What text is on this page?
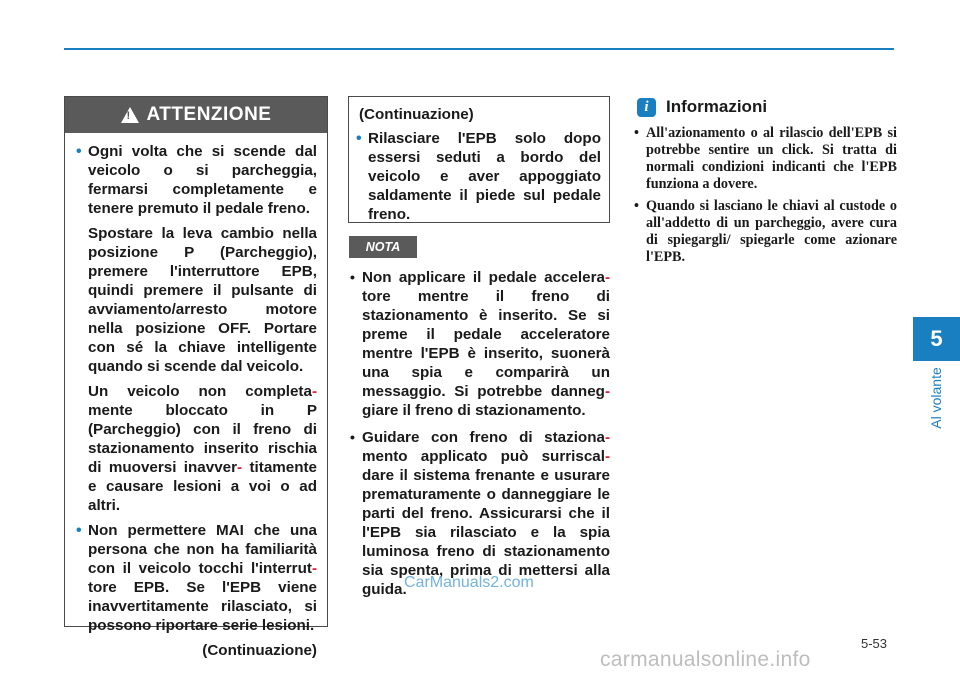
!
ATTENZIONE
• Ogni volta che si scende dal veicolo o si parcheggia, fermarsi completamente e tenere premuto il pedale freno.
Spostare la leva cambio nella posizione P (Parcheggio), premere l'interruttore EPB, quindi premere il pulsante di avviamento/arresto motore nella posizione OFF. Portare con sé la chiave intelligente quando si scende dal veicolo.
Un veicolo non completa- mente bloccato in P (Parcheggio) con il freno di stazionamento inserito rischia di muoversi inavver- titamente e causare lesioni a voi o ad altri.
• Non permettere MAI che una persona che non ha familiarità con il veicolo tocchi l'interrut- tore EPB. Se l'EPB viene inavvertitamente rilasciato, si possono riportare serie lesioni.
(Continuazione)
(Continuazione)
• Rilasciare l'EPB solo dopo essersi seduti a bordo del veicolo e aver appoggiato saldamente il piede sul pedale freno.
NOTA
• Non applicare il pedale accelera- tore mentre il freno di stazionamento è inserito. Se si preme il pedale acceleratore mentre l'EPB è inserito, suonerà una spia e comparirà un messaggio. Si potrebbe danneg- giare il freno di stazionamento.
• Guidare con freno di staziona- mento applicato può surriscal- dare il sistema frenante e usurare prematuramente o danneggiare le parti del freno. Assicurarsi che il l'EPB sia rilasciato e la spia luminosa freno di stazionamento sia spenta, prima di mettersi alla guida.
i	Informazioni
• All'azionamento o al rilascio dell'EPB si potrebbe sentire un click. Si tratta di normali condizioni indicanti che l'EPB funziona a dovere.
• Quando si lasciano le chiavi al custode o all'addetto di un parcheggio, avere cura di spiegargli/ spiegarle come azionare l'EPB.
5
Al volante
5-53
CarManuals2.com
carmanualsonline.info
